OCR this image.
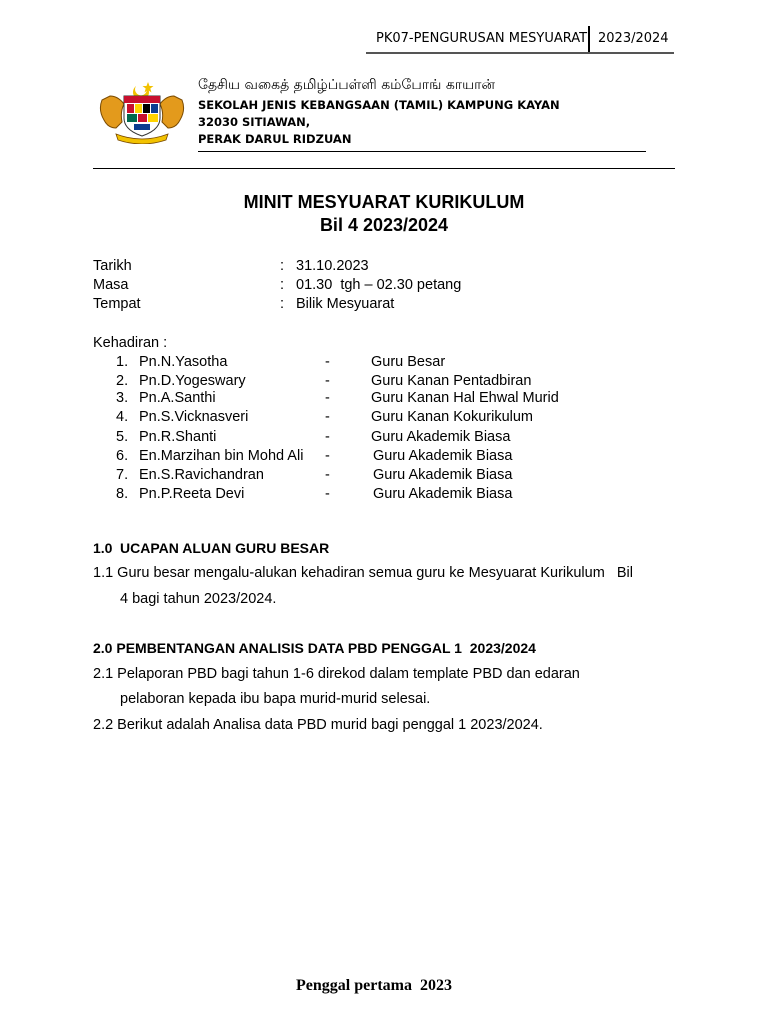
PK07-PENGURUSAN MESYUARAT 2023/2024
தேசிய வகைத் தமிழ்ப்பள்ளி கம்போங் காயான்
SEKOLAH JENIS KEBANGSAAN (TAMIL) KAMPUNG KAYAN
32030 SITIAWAN,
PERAK DARUL RIDZUAN
MINIT MESYUARAT KURIKULUM
Bil 4 2023/2024
Tarikh	: 31.10.2023
Masa	: 01.30  tgh – 02.30 petang
Tempat	: Bilik Mesyuarat
Kehadiran :
1. Pn.N.Yasotha	-	Guru Besar
2. Pn.D.Yogeswary	-	Guru Kanan Pentadbiran
3. Pn.A.Santhi	-	Guru Kanan Hal Ehwal Murid
4. Pn.S.Vicknasveri	-	Guru Kanan Kokurikulum
5. Pn.R.Shanti	-	Guru Akademik Biasa
6. En.Marzihan bin Mohd Ali -	Guru Akademik Biasa
7. En.S.Ravichandran	-	Guru Akademik Biasa
8. Pn.P.Reeta Devi	-	Guru Akademik Biasa
1.0 UCAPAN ALUAN GURU BESAR
1.1 Guru besar mengalu-alukan kehadiran semua guru ke Mesyuarat Kurikulum   Bil
4 bagi tahun 2023/2024.
2.0 PEMBENTANGAN ANALISIS DATA PBD PENGGAL 1  2023/2024
2.1 Pelaporan PBD bagi tahun 1-6 direkod dalam template PBD dan edaran
pelaboran kepada ibu bapa murid-murid selesai.
2.2 Berikut adalah Analisa data PBD murid bagi penggal 1 2023/2024.
Penggal pertama  2023
